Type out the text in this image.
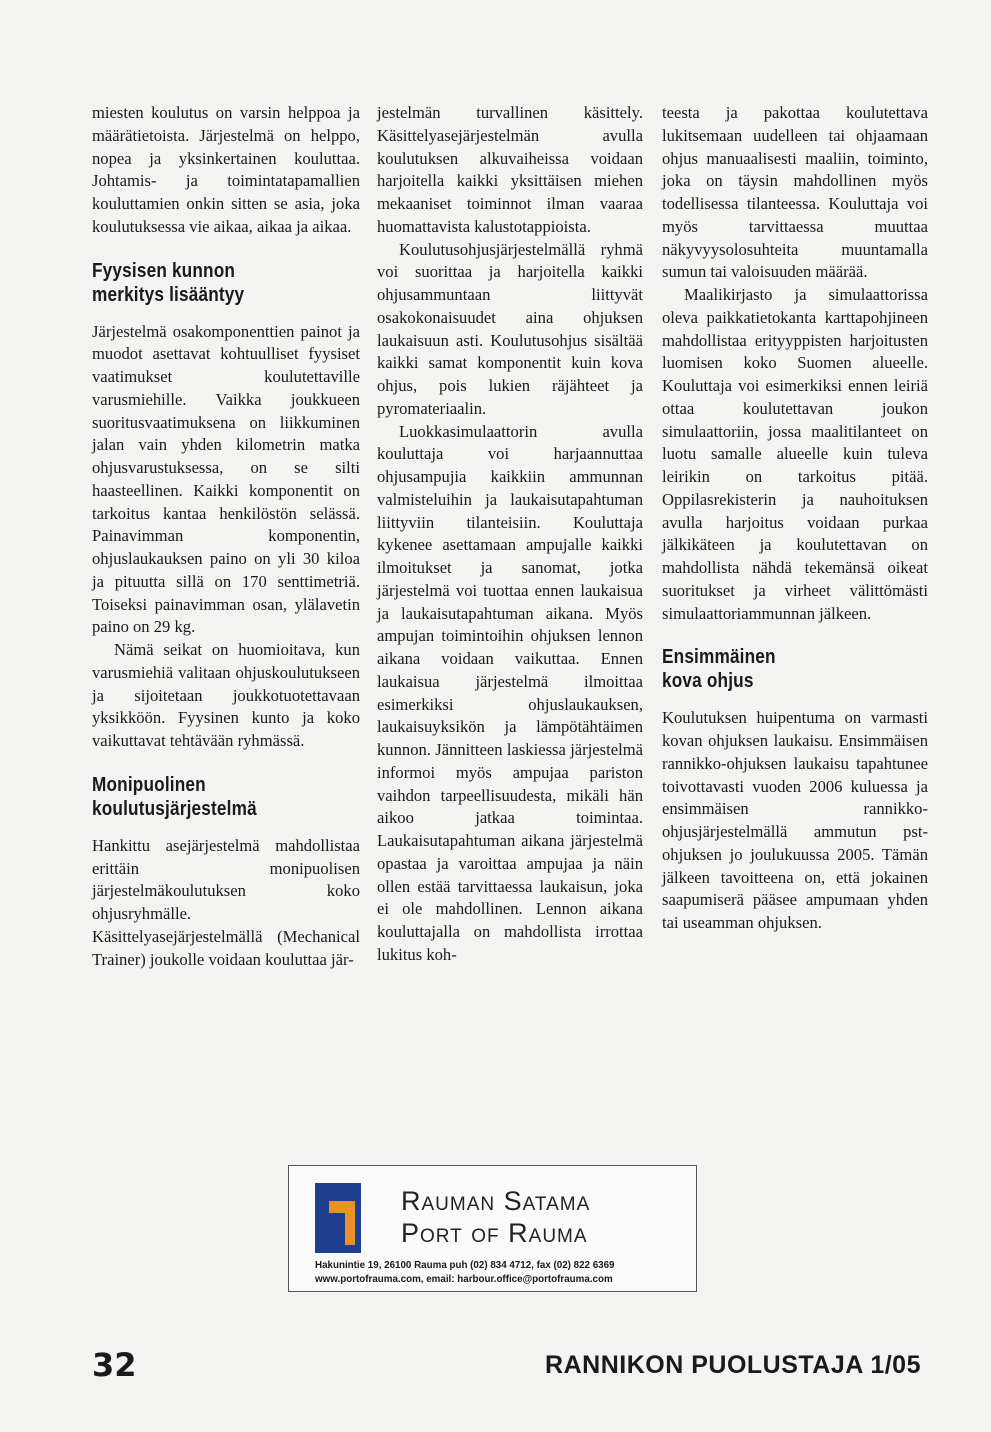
miesten koulutus on varsin helppoa ja määrätietoista. Järjestelmä on helppo, nopea ja yksinkertainen kouluttaa. Johtamis- ja toimintatapamallien kouluttamien onkin sitten se asia, joka koulutuksessa vie aikaa, aikaa ja aikaa.

Fyysisen kunnon
merkitys lisääntyy

Järjestelmä osakomponenttien painot ja muodot asettavat kohtuulliset fyysiset vaatimukset koulutettaville varusmiehille. Vaikka joukkueen suoritusvaatimuksena on liikkuminen jalan vain yhden kilometrin matka ohjusvarustuksessa, on se silti haasteellinen. Kaikki komponentit on tarkoitus kantaa henkilöstön selässä. Painavimman komponentin, ohjuslaukauksen paino on yli 30 kiloa ja pituutta sillä on 170 senttimetriä. Toiseksi painavimman osan, ylälavetin paino on 29 kg.

Nämä seikat on huomioitava, kun varusmiehiä valitaan ohjuskoulutukseen ja sijoitetaan joukkotuotettavaan yksikköön. Fyysinen kunto ja koko vaikuttavat tehtävään ryhmässä.

Monipuolinen
koulutusjärjestelmä

Hankittu asejärjestelmä mahdollistaa erittäin monipuolisen järjestelmäkoulutuksen koko ohjusryhmälle. Käsittelyasejärjestelmällä (Mechanical Trainer) joukolle voidaan kouluttaa jär-

jestelmän turvallinen käsittely. Käsittelyasejärjestelmän avulla koulutuksen alkuvaiheissa voidaan harjoitella kaikki yksittäisen miehen mekaaniset toiminnot ilman vaaraa huomattavista kalustotappioista.

Koulutusohjusjärjestelmällä ryhmä voi suorittaa ja harjoitella kaikki ohjusammuntaan liittyvät osakokonaisuudet aina ohjuksen laukaisuun asti. Koulutusohjus sisältää kaikki samat komponentit kuin kova ohjus, pois lukien räjähteet ja pyromateriaalin.

Luokkasimulaattorin avulla kouluttaja voi harjaannuttaa ohjusampujia kaikkiin ammunnan valmisteluihin ja laukaisutapahtuman liittyviin tilanteisiin. Kouluttaja kykenee asettamaan ampujalle kaikki ilmoitukset ja sanomat, jotka järjestelmä voi tuottaa ennen laukaisua ja laukaisutapahtuman aikana. Myös ampujan toimintoihin ohjuksen lennon aikana voidaan vaikuttaa. Ennen laukaisua järjestelmä ilmoittaa esimerkiksi ohjuslaukauksen, laukaisuyksikön ja lämpötähtäimen kunnon. Jännitteen laskiessa järjestelmä informoi myös ampujaa pariston vaihdon tarpeellisuudesta, mikäli hän aikoo jatkaa toimintaa. Laukaisutapahtuman aikana järjestelmä opastaa ja varoittaa ampujaa ja näin ollen estää tarvittaessa laukaisun, joka ei ole mahdollinen. Lennon aikana kouluttajalla on mahdollista irrottaa lukitus koh-

teesta ja pakottaa koulutettava lukitsemaan uudelleen tai ohjaamaan ohjus manuaalisesti maaliin, toiminto, joka on täysin mahdollinen myös todellisessa tilanteessa. Kouluttaja voi myös tarvittaessa muuttaa näkyvyysolosuhteita muuntamalla sumun tai valoisuuden määrää.

Maalikirjasto ja simulaattorissa oleva paikkatietokanta karttapohjineen mahdollistaa erityyppisten harjoitusten luomisen koko Suomen alueelle. Kouluttaja voi esimerkiksi ennen leiriä ottaa koulutettavan joukon simulaattoriin, jossa maalitilanteet on luotu samalle alueelle kuin tuleva leirikin on tarkoitus pitää. Oppilasrekisterin ja nauhoituksen avulla harjoitus voidaan purkaa jälkikäteen ja koulutettavan on mahdollista nähdä tekemänsä oikeat suoritukset ja virheet välittömästi simulaattoriammunnan jälkeen.

Ensimmäinen
kova ohjus

Koulutuksen huipentuma on varmasti kovan ohjuksen laukaisu. Ensimmäisen rannikko-ohjuksen laukaisu tapahtunee toivottavasti vuoden 2006 kuluessa ja ensimmäisen rannikko-ohjusjärjestelmällä ammutun pst-ohjuksen jo joulukuussa 2005. Tämän jälkeen tavoitteena on, että jokainen saapumiserä pääsee ampumaan yhden tai useamman ohjuksen.

Rauman Satama
Port of Rauma
Hakunintie 19, 26100 Rauma puh (02) 834 4712, fax (02) 822 6369
www.portofrauma.com, email: harbour.office@portofrauma.com
32	RANNIKON PUOLUSTAJA 1/05
